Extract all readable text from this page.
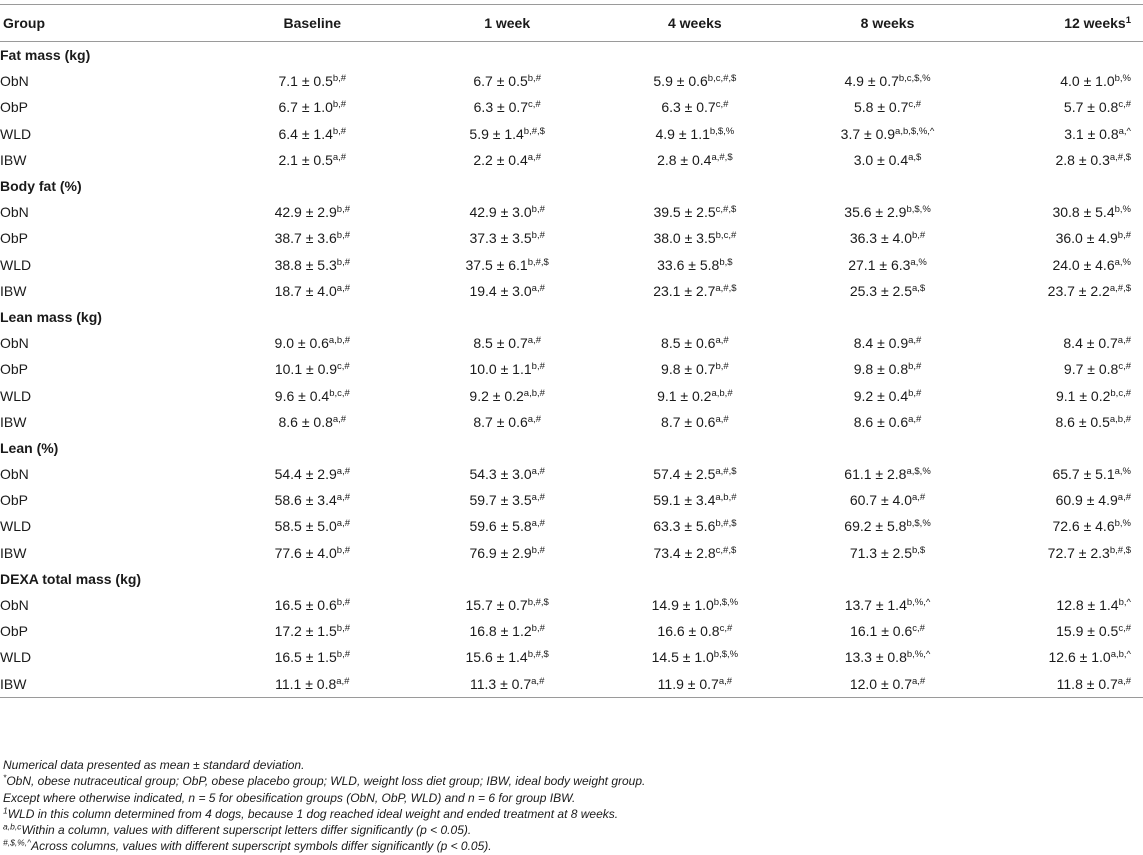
Group	Baseline	1 week	4 weeks	8 weeks	12 weeks$^1$
Fat mass (kg)					
ObN	$7.1 \pm 0.5^{b,\#}$	$6.7 \pm 0.5^{b,\#}$	$5.9 \pm 0.6^{b,c,\#,\$}$	$4.9 \pm 0.7^{b,c,\$,\%}$	$4.0 \pm 1.0^{b,\%}$
ObP	$6.7 \pm 1.0^{b,\#}$	$6.3 \pm 0.7^{c,\#}$	$6.3 \pm 0.7^{c,\#}$	$5.8 \pm 0.7^{c,\#}$	$5.7 \pm 0.8^{c,\#}$
WLD	$6.4 \pm 1.4^{b,\#}$	$5.9 \pm 1.4^{b,\#,\$}$	$4.9 \pm 1.1^{b,\$,\%}$	$3.7 \pm 0.9^{a,b,\$,\%,\^{}}$	$3.1 \pm 0.8^{a,\^{}}$
IBW	$2.1 \pm 0.5^{a,\#}$	$2.2 \pm 0.4^{a,\#}$	$2.8 \pm 0.4^{a,\#,\$}$	$3.0 \pm 0.4^{a,\$}$	$2.8 \pm 0.3^{a,\#,\$}$
Body fat (%)					
ObN	$42.9 \pm 2.9^{b,\#}$	$42.9 \pm 3.0^{b,\#}$	$39.5 \pm 2.5^{c,\#,\$}$	$35.6 \pm 2.9^{b,\$,\%}$	$30.8 \pm 5.4^{b,\%}$
ObP	$38.7 \pm 3.6^{b,\#}$	$37.3 \pm 3.5^{b,\#}$	$38.0 \pm 3.5^{b,c,\#}$	$36.3 \pm 4.0^{b,\#}$	$36.0 \pm 4.9^{b,\#}$
WLD	$38.8 \pm 5.3^{b,\#}$	$37.5 \pm 6.1^{b,\#,\$}$	$33.6 \pm 5.8^{b,\$}$	$27.1 \pm 6.3^{a,\%}$	$24.0 \pm 4.6^{a,\%}$
IBW	$18.7 \pm 4.0^{a,\#}$	$19.4 \pm 3.0^{a,\#}$	$23.1 \pm 2.7^{a,\#,\$}$	$25.3 \pm 2.5^{a,\$}$	$23.7 \pm 2.2^{a,\#,\$}$
Lean mass (kg)					
ObN	$9.0 \pm 0.6^{a,b,\#}$	$8.5 \pm 0.7^{a,\#}$	$8.5 \pm 0.6^{a,\#}$	$8.4 \pm 0.9^{a,\#}$	$8.4 \pm 0.7^{a,\#}$
ObP	$10.1 \pm 0.9^{c,\#}$	$10.0 \pm 1.1^{b,\#}$	$9.8 \pm 0.7^{b,\#}$	$9.8 \pm 0.8^{b,\#}$	$9.7 \pm 0.8^{c,\#}$
WLD	$9.6 \pm 0.4^{b,c,\#}$	$9.2 \pm 0.2^{a,b,\#}$	$9.1 \pm 0.2^{a,b,\#}$	$9.2 \pm 0.4^{b,\#}$	$9.1 \pm 0.2^{b,c,\#}$
IBW	$8.6 \pm 0.8^{a,\#}$	$8.7 \pm 0.6^{a,\#}$	$8.7 \pm 0.6^{a,\#}$	$8.6 \pm 0.6^{a,\#}$	$8.6 \pm 0.5^{a,b,\#}$
Lean (%)					
ObN	$54.4 \pm 2.9^{a,\#}$	$54.3 \pm 3.0^{a,\#}$	$57.4 \pm 2.5^{a,\#,\$}$	$61.1 \pm 2.8^{a,\$,\%}$	$65.7 \pm 5.1^{a,\%}$
ObP	$58.6 \pm 3.4^{a,\#}$	$59.7 \pm 3.5^{a,\#}$	$59.1 \pm 3.4^{a,b,\#}$	$60.7 \pm 4.0^{a,\#}$	$60.9 \pm 4.9^{a,\#}$
WLD	$58.5 \pm 5.0^{a,\#}$	$59.6 \pm 5.8^{a,\#}$	$63.3 \pm 5.6^{b,\#,\$}$	$69.2 \pm 5.8^{b,\$,\%}$	$72.6 \pm 4.6^{b,\%}$
IBW	$77.6 \pm 4.0^{b,\#}$	$76.9 \pm 2.9^{b,\#}$	$73.4 \pm 2.8^{c,\#,\$}$	$71.3 \pm 2.5^{b,\$}$	$72.7 \pm 2.3^{b,\#,\$}$
DEXA total mass (kg)					
ObN	$16.5 \pm 0.6^{b,\#}$	$15.7 \pm 0.7^{b,\#,\$}$	$14.9 \pm 1.0^{b,\$,\%}$	$13.7 \pm 1.4^{b,\%,\^{}}$	$12.8 \pm 1.4^{b,\^{}}$
ObP	$17.2 \pm 1.5^{b,\#}$	$16.8 \pm 1.2^{b,\#}$	$16.6 \pm 0.8^{c,\#}$	$16.1 \pm 0.6^{c,\#}$	$15.9 \pm 0.5^{c,\#}$
WLD	$16.5 \pm 1.5^{b,\#}$	$15.6 \pm 1.4^{b,\#,\$}$	$14.5 \pm 1.0^{b,\$,\%}$	$13.3 \pm 0.8^{b,\%,\^{}}$	$12.6 \pm 1.0^{a,b,\^{}}$
IBW	$11.1 \pm 0.8^{a,\#}$	$11.3 \pm 0.7^{a,\#}$	$11.9 \pm 0.7^{a,\#}$	$12.0 \pm 0.7^{a,\#}$	$11.8 \pm 0.7^{a,\#}$
Numerical data presented as mean ± standard deviation.
*ObN, obese nutraceutical group; ObP, obese placebo group; WLD, weight loss diet group; IBW, ideal body weight group.
Except where otherwise indicated, n = 5 for obesification groups (ObN, ObP, WLD) and n = 6 for group IBW.
$^1$WLD in this column determined from 4 dogs, because 1 dog reached ideal weight and ended treatment at 8 weeks.
$^{a,b,c}$Within a column, values with different superscript letters differ significantly (p < 0.05).
#,$,%,^Across columns, values with different superscript symbols differ significantly (p < 0.05).
